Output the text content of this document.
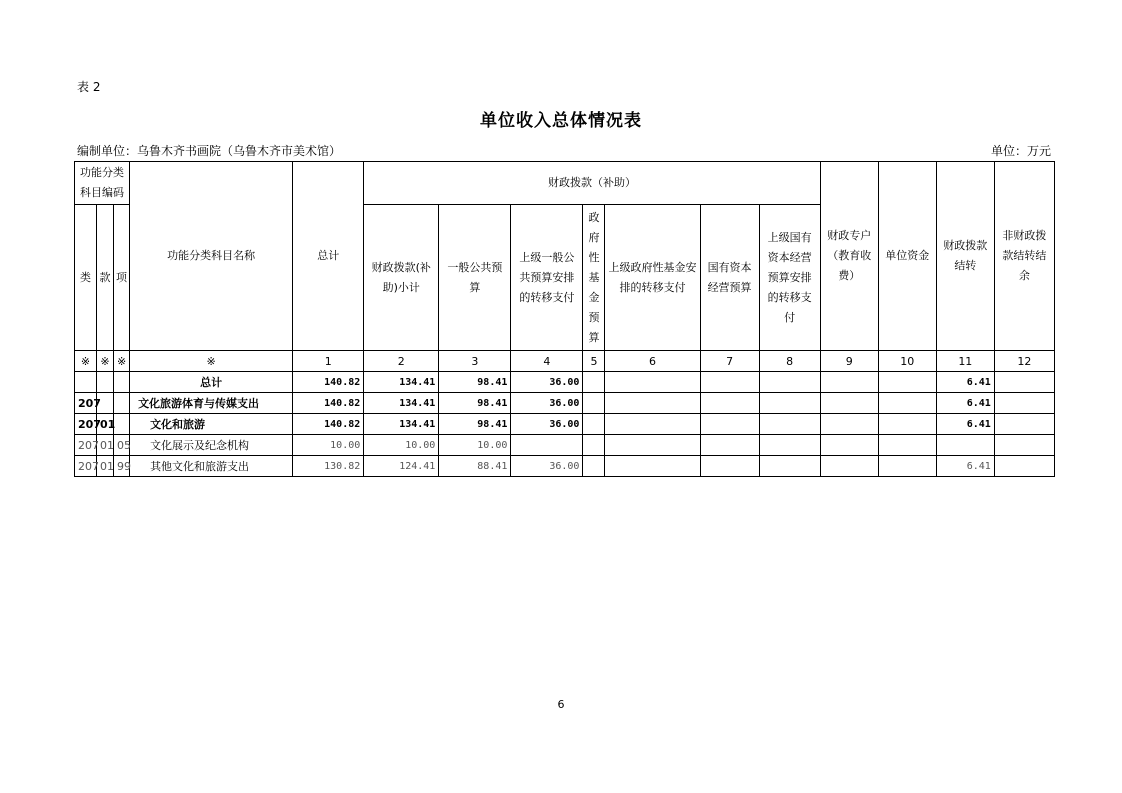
表 2
单位收入总体情况表
编制单位：乌鲁木齐书画院（乌鲁木齐市美术馆）	单位：万元
功能分类科目编码			功能分类科目名称	总计	财政拨款（补助）							财政专户（教育收费）	单位资金	财政拨款结转	非财政拨款结转结余
类	款	项			财政拨款(补助)小计	一般公共预算	上级一般公共预算安排的转移支付	政府性基金预算	上级政府性基金安排的转移支付	国有资本经营预算	上级国有资本经营预算安排的转移支付				
※	※	※	※	1	2	3	4	5	6	7	8	9	10	11	12
			总计	140.82	134.41	98.41	36.00							6.41	
207			文化旅游体育与传媒支出	140.82	134.41	98.41	36.00							6.41	
207	01		文化和旅游	140.82	134.41	98.41	36.00							6.41	
207	01	05	文化展示及纪念机构	10.00	10.00	10.00									
207	01	99	其他文化和旅游支出	130.82	124.41	88.41	36.00							6.41	
6
